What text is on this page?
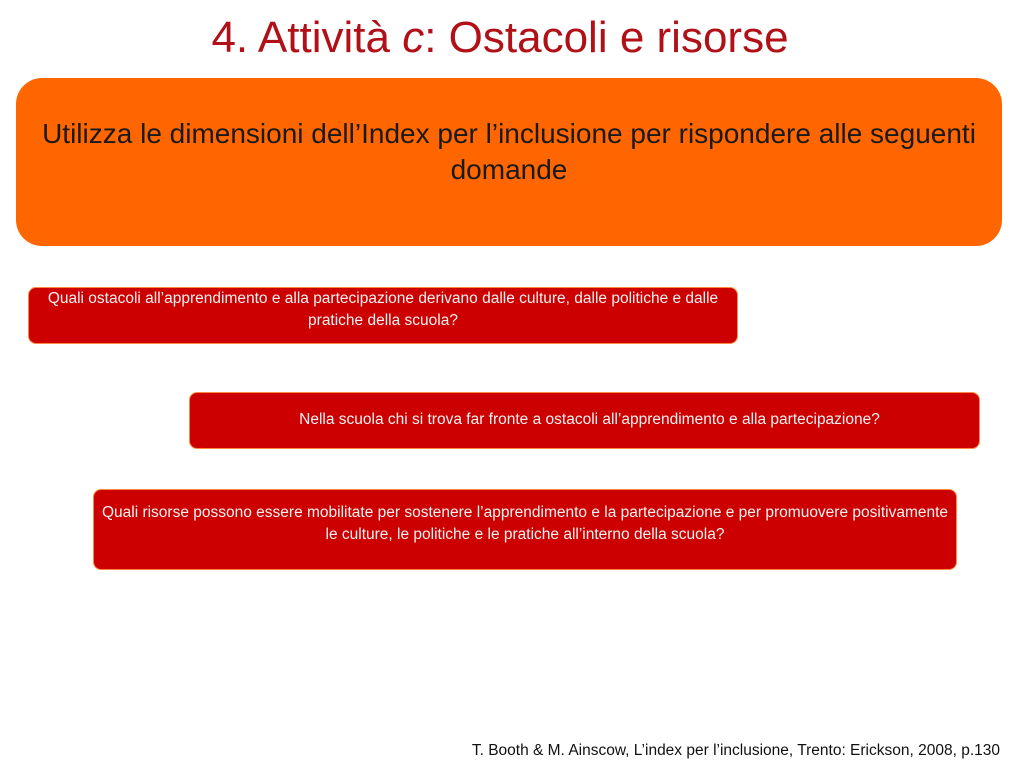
4. Attività c: Ostacoli e risorse
Utilizza le dimensioni dell’Index per l’inclusione per rispondere alle seguenti domande
Quali ostacoli all’apprendimento e alla partecipazione derivano dalle culture, dalle politiche e dalle pratiche della scuola?
Nella scuola chi si trova far fronte a ostacoli all’apprendimento e alla partecipazione?
Quali risorse possono essere mobilitate per sostenere l’apprendimento e la partecipazione e per promuovere positivamente le culture, le politiche e le pratiche all’interno della scuola?
T. Booth & M. Ainscow, L’index per l’inclusione, Trento: Erickson, 2008, p.130
